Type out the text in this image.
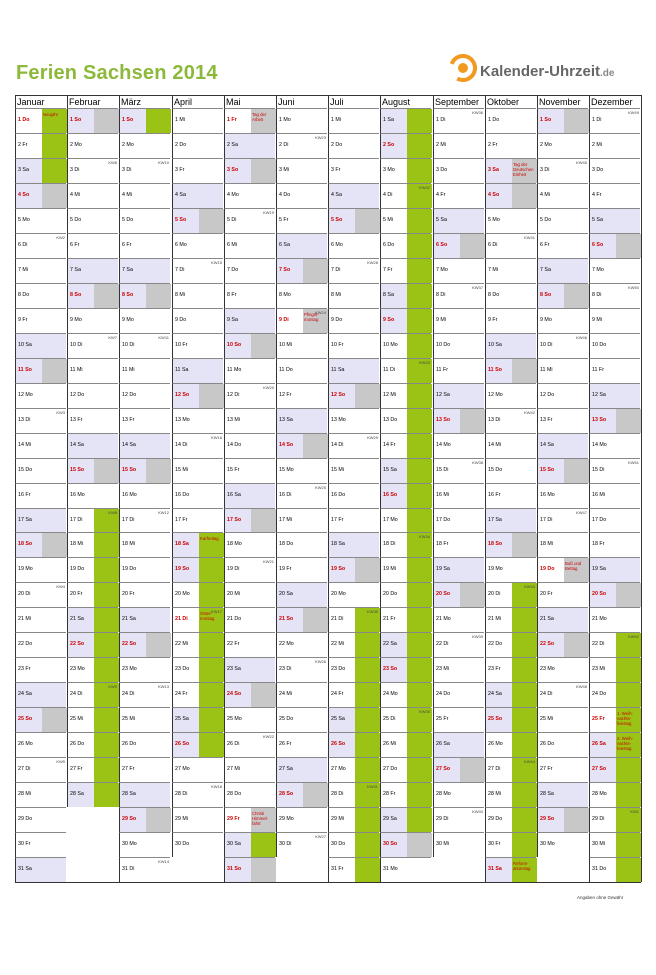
Ferien Sachsen 2014	Kalender-Uhrzeit.de
Januar
1 Do
Neujahr
2 Fr
3 Sa
4 So
5 Mo
6 Di
KW2
7 Mi
8 Do
9 Fr
10 Sa
11 So
12 Mo
13 Di
KW3
14 Mi
15 Do
16 Fr
17 Sa
18 So
19 Mo
20 Di
KW4
21 Mi
22 Do
23 Fr
24 Sa
25 So
26 Mo
27 Di
KW5
28 Mi
29 Do
30 Fr
31 Sa
Februar
1 So
2 Mo
3 Di
KW6
4 Mi
5 Do
6 Fr
7 Sa
8 So
9 Mo
10 Di
KW7
11 Mi
12 Do
13 Fr
14 Sa
15 So
16 Mo
17 Di
KW8
18 Mi
19 Do
20 Fr
21 Sa
22 So
23 Mo
24 Di
KW9
25 Mi
26 Do
27 Fr
28 Sa
März
1 So
2 Mo
3 Di
KW10
4 Mi
5 Do
6 Fr
7 Sa
8 So
9 Mo
10 Di
KW11
11 Mi
12 Do
13 Fr
14 Sa
15 So
16 Mo
17 Di
KW12
18 Mi
19 Do
20 Fr
21 Sa
22 So
23 Mo
24 Di
KW13
25 Mi
26 Do
27 Fr
28 Sa
29 So
30 Mo
31 Di
KW14
April
1 Mi
2 Do
3 Fr
4 Sa
5 So
6 Mo
7 Di
KW15
8 Mi
9 Do
10 Fr
11 Sa
12 So
13 Mo
14 Di
KW16
15 Mi
16 Do
17 Fr
18 Sa
Karfreitag
19 So
20 Mo
21 Di
KW17
Oster-montag
22 Mi
23 Do
24 Fr
25 Sa
26 So
27 Mo
28 Di
KW18
29 Mi
30 Do
Mai
1 Fr
Tag der Arbeit
2 Sa
3 So
4 Mo
5 Di
KW19
6 Mi
7 Do
8 Fr
9 Sa
10 So
11 Mo
12 Di
KW20
13 Mi
14 Do
15 Fr
16 Sa
17 So
18 Mo
19 Di
KW21
20 Mi
21 Do
22 Fr
23 Sa
24 So
25 Mo
26 Di
KW22
27 Mi
28 Do
29 Fr
Christi Himmel-fahrt
30 Sa
31 So
Juni
1 Mo
2 Di
KW23
3 Mi
4 Do
5 Fr
6 Sa
7 So
8 Mo
9 Di
KW24
Pfingst-montag
10 Mi
11 Do
12 Fr
13 Sa
14 So
15 Mo
16 Di
KW25
17 Mi
18 Do
19 Fr
20 Sa
21 So
22 Mo
23 Di
KW26
24 Mi
25 Do
26 Fr
27 Sa
28 So
29 Mo
30 Di
KW27
Juli
1 Mi
2 Do
3 Fr
4 Sa
5 So
6 Mo
7 Di
KW28
8 Mi
9 Do
10 Fr
11 Sa
12 So
13 Mo
14 Di
KW29
15 Mi
16 Do
17 Fr
18 Sa
19 So
20 Mo
21 Di
KW30
22 Mi
23 Do
24 Fr
25 Sa
26 So
27 Mo
28 Di
KW31
29 Mi
30 Do
31 Fr
August
1 Sa
2 So
3 Mo
4 Di
KW32
5 Mi
6 Do
7 Fr
8 Sa
9 So
10 Mo
11 Di
KW33
12 Mi
13 Do
14 Fr
15 Sa
16 So
17 Mo
18 Di
KW34
19 Mi
20 Do
21 Fr
22 Sa
23 So
24 Mo
25 Di
KW35
26 Mi
27 Do
28 Fr
29 Sa
30 So
31 Mo
September
1 Di
KW36
2 Mi
3 Do
4 Fr
5 Sa
6 So
7 Mo
8 Di
KW37
9 Mi
10 Do
11 Fr
12 Sa
13 So
14 Mo
15 Di
KW38
16 Mi
17 Do
18 Fr
19 Sa
20 So
21 Mo
22 Di
KW39
23 Mi
24 Do
25 Fr
26 Sa
27 So
28 Mo
29 Di
KW40
30 Mi
Oktober
1 Do
2 Fr
3 Sa
Tag der Deutschen Einheit
4 So
5 Mo
6 Di
KW41
7 Mi
8 Do
9 Fr
10 Sa
11 So
12 Mo
13 Di
KW42
14 Mi
15 Do
16 Fr
17 Sa
18 So
19 Mo
20 Di
KW43
21 Mi
22 Do
23 Fr
24 Sa
25 So
26 Mo
27 Di
KW44
28 Mi
29 Do
30 Fr
31 Sa
Reform-ationstag
November
1 So
2 Mo
3 Di
KW45
4 Mi
5 Do
6 Fr
7 Sa
8 So
9 Mo
10 Di
KW46
11 Mi
12 Do
13 Fr
14 Sa
15 So
16 Mo
17 Di
KW47
18 Mi
19 Do
Buß und Bettag
20 Fr
21 Sa
22 So
23 Mo
24 Di
KW48
25 Mi
26 Do
27 Fr
28 Sa
29 So
30 Mo
Dezember
1 Di
KW49
2 Mi
3 Do
4 Fr
5 Sa
6 So
7 Mo
8 Di
KW50
9 Mi
10 Do
11 Fr
12 Sa
13 So
14 Mo
15 Di
KW51
16 Mi
17 Do
18 Fr
19 Sa
20 So
21 Mo
22 Di
KW52
23 Mi
24 Do
25 Fr
1. Weih-nachts-feiertag
26 Sa
2. Weih-nachts-feiertag
27 So
28 Mo
29 Di
KW1
30 Mi
31 Do
Angaben ohne Gewähr
